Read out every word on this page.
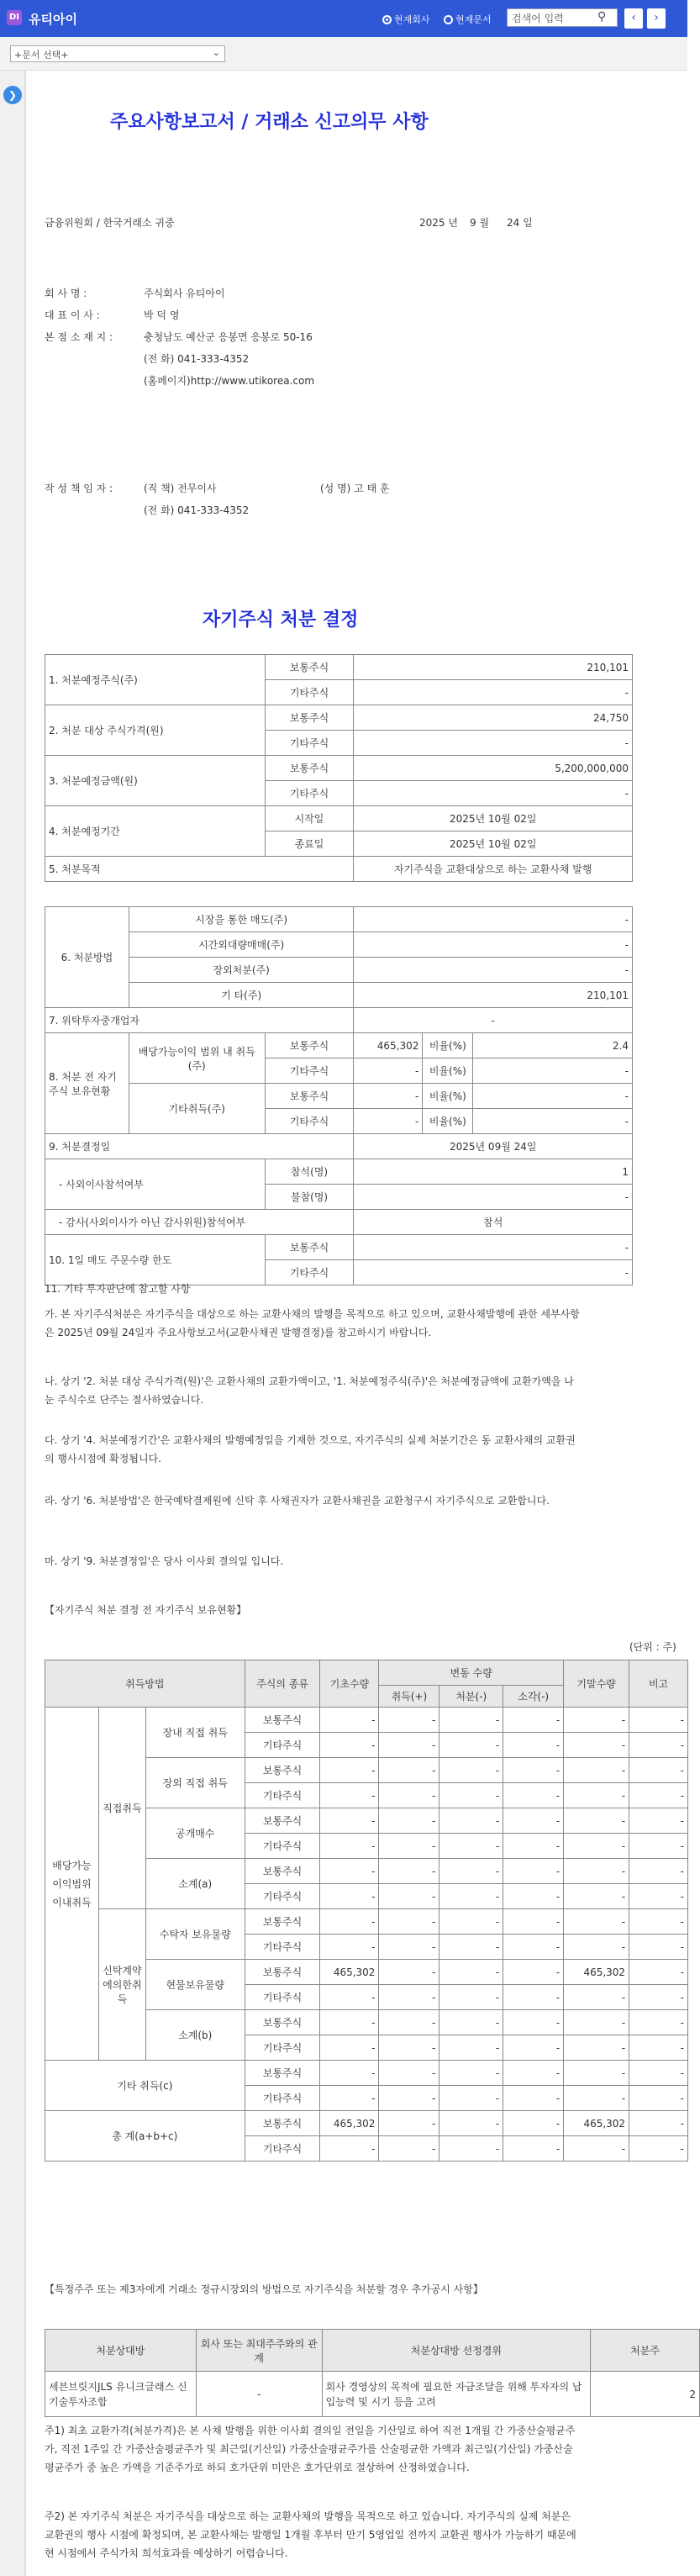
DI 유티아이	현재회사	현재문서	검색어 입력	⚲	‹	›
+문서 선택+	⌄
❯
주요사항보고서 / 거래소 신고의무 사항
금융위원회 / 한국거래소 귀중	2025 년 9 월 24 일
회 사 명 :	주식회사 유티아이
대 표 이 사 :	박 덕 영
본 점 소 재 지 :	충청남도 예산군 응봉면 응봉로 50-16
(전 화) 041-333-4352
(홈페이지)http://www.utikorea.com
작 성 책 임 자 :	(직 책) 전무이사	(성 명) 고 태 훈
(전 화) 041-333-4352
자기주식 처분 결정
1. 처분예정주식(주)	보통주식	210,101
	기타주식	-
2. 처분 대상 주식가격(원)	보통주식	24,750
	기타주식	-
3. 처분예정금액(원)	보통주식	5,200,000,000
	기타주식	-
4. 처분예정기간	시작일	2025년 10월 02일
	종료일	2025년 10월 02일
5. 처분목적		자기주식을 교환대상으로 하는 교환사채 발행
6. 처분방법	시장을 통한 매도(주)	-
	시간외대량매매(주)	-
	장외처분(주)	-
	기 타(주)	210,101
7. 위탁투자중개업자		-
8. 처분 전 자기주식 보유현황	배당가능이익 범위 내 취득(주)	보통주식	465,302	비율(%)	2.4
		기타주식	-	비율(%)	-
	기타취득(주)	보통주식	-	비율(%)	-
		기타주식	-	비율(%)	-
9. 처분결정일		2025년 09월 24일
- 사외이사참석여부	참석(명)	1
	불참(명)	-
- 감사(사외이사가 아닌 감사위원)참석여부		참석
10. 1일 매도 주문수량 한도	보통주식	-
	기타주식	-
11. 기타 투자판단에 참고할 사항
가. 본 자기주식처분은 자기주식을 대상으로 하는 교환사채의 발행을 목적으로 하고 있으며, 교환사채발행에 관한 세부사항은 2025년 09월 24일자 주요사항보고서(교환사채권 발행결정)를 참고하시기 바랍니다.
나. 상기 '2. 처분 대상 주식가격(원)'은 교환사채의 교환가액이고, '1. 처분예정주식(주)'은 처분예정금액에 교환가액을 나눈 주식수로 단주는 절사하였습니다.
다. 상기 '4. 처분예정기간'은 교환사채의 발행예정일을 기재한 것으로, 자기주식의 실제 처분기간은 동 교환사채의 교환권의 행사시점에 확정됩니다.
라. 상기 '6. 처분방법'은 한국예탁결제원에 신탁 후 사채권자가 교환사채권을 교환청구시 자기주식으로 교환합니다.
마. 상기 '9. 처분결정일'은 당사 이사회 결의일 입니다.
【자기주식 처분 결정 전 자기주식 보유현황】
(단위 : 주)
취득방법			주식의 종류	기초수량	변동 수량			기말수량	비고
					취득(+)	처분(-)	소각(-)		
배당가능이익범위이내취득	직접취득	장내 직접 취득	보통주식	-	-	-	-	-	-
			기타주식	-	-	-	-	-	-
		장외 직접 취득	보통주식	-	-	-	-	-	-
			기타주식	-	-	-	-	-	-
		공개매수	보통주식	-	-	-	-	-	-
			기타주식	-	-	-	-	-	-
		소계(a)	보통주식	-	-	-	-	-	-
			기타주식	-	-	-	-	-	-
	신탁계약에의한취득	수탁자 보유물량	보통주식	-	-	-	-	-	-
			기타주식	-	-	-	-	-	-
		현물보유물량	보통주식	465,302	-	-	-	465,302	-
			기타주식	-	-	-	-	-	-
		소계(b)	보통주식	-	-	-	-	-	-
			기타주식	-	-	-	-	-	-
기타 취득(c)			보통주식	-	-	-	-	-	-
			기타주식	-	-	-	-	-	-
총 계(a+b+c)			보통주식	465,302	-	-	-	465,302	-
			기타주식	-	-	-	-	-	-
【특정주주 또는 제3자에게 거래소 정규시장외의 방법으로 자기주식을 처분할 경우 추가공시 사항】
처분상대방	회사 또는 최대주주와의 관계	처분상대방 선정경위	처분주
세븐브릿지JLS 유니크글래스 신기술투자조합	-	회사 경영상의 목적에 필요한 자금조달을 위해 투자자의 납입능력 및 시기 등을 고려	2
주1) 최초 교환가격(처분가격)은 본 사채 발행을 위한 이사회 결의일 전일을 기산일로 하여 직전 1개월 간 가중산술평균주가, 직전 1주일 간 가중산술평균주가 및 최근일(기산일) 가중산술평균주가를 산술평균한 가액과 최근일(기산일) 가중산술평균주가 중 높은 가액을 기준주가로 하되 호가단위 미만은 호가단위로 절상하여 산정하였습니다.
주2) 본 자기주식 처분은 자기주식을 대상으로 하는 교환사채의 발행을 목적으로 하고 있습니다. 자기주식의 실제 처분은 교환권의 행사 시점에 확정되며, 본 교환사채는 발행일 1개월 후부터 만기 5영업일 전까지 교환권 행사가 가능하기 때문에 현 시점에서 주식가치 희석효과를 예상하기 어렵습니다.
